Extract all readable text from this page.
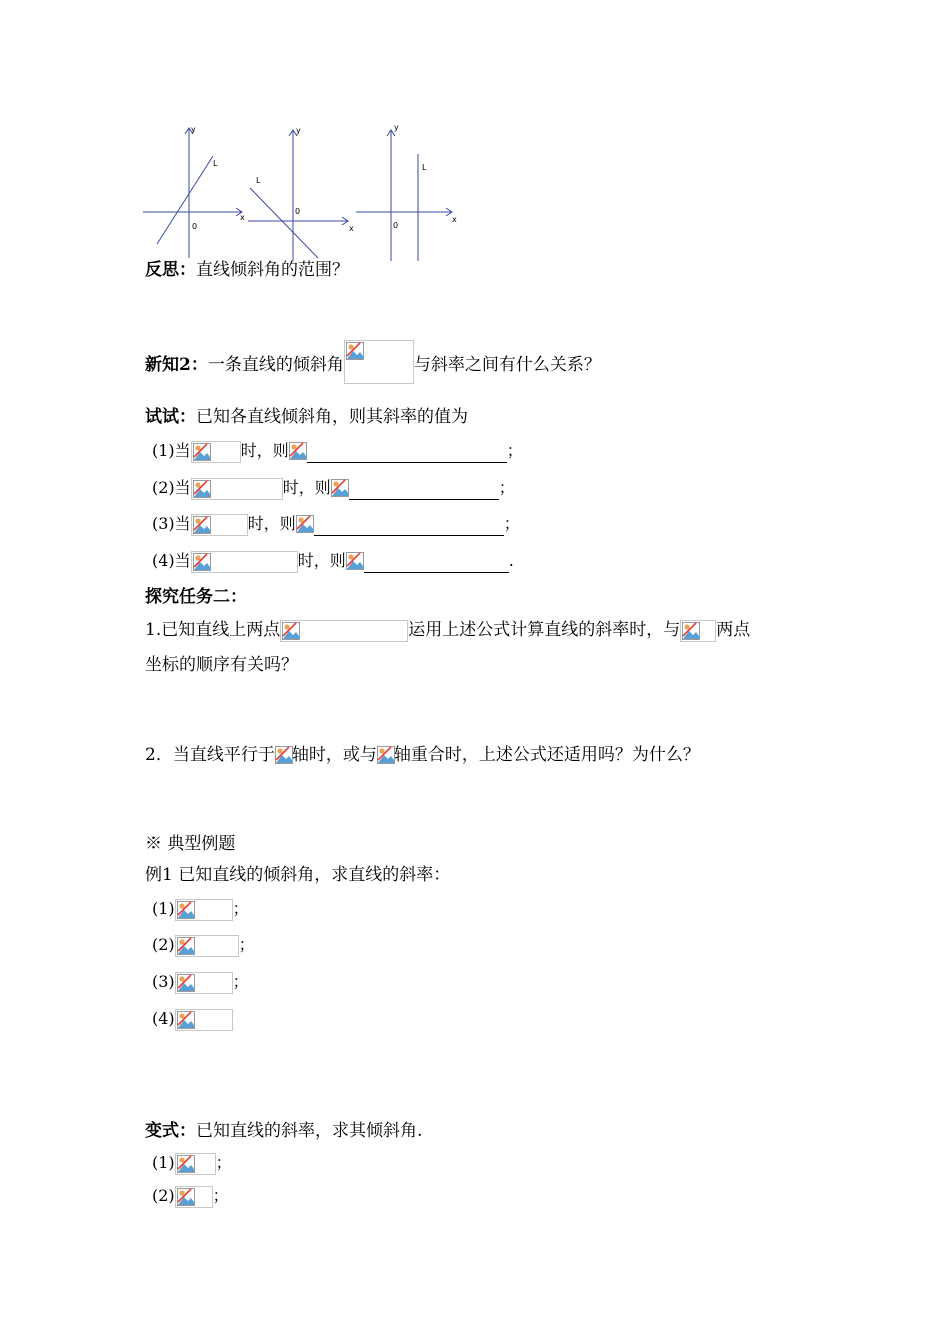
y
x
L
0
y
x
L
0
y
x
L
0
反思：直线倾斜角的范围？
新知2：一条直线的倾斜角	与斜率之间有什么关系？
试试：已知各直线倾斜角，则其斜率的值为
(1)当	时，则	；
(2)当	时，则	；
(3)当	时，则	；
(4)当	时，则	.
探究任务二：
1.已知直线上两点	运用上述公式计算直线的斜率时，与 两点
坐标的顺序有关吗？
2．当直线平行于 轴时，或与 轴重合时，上述公式还适用吗？为什么？
※ 典型例题
例1 已知直线的倾斜角，求直线的斜率：
(1)	；
(2)	；
(3)	；
(4)
变式：已知直线的斜率，求其倾斜角.
(1)	；
(2) ；
